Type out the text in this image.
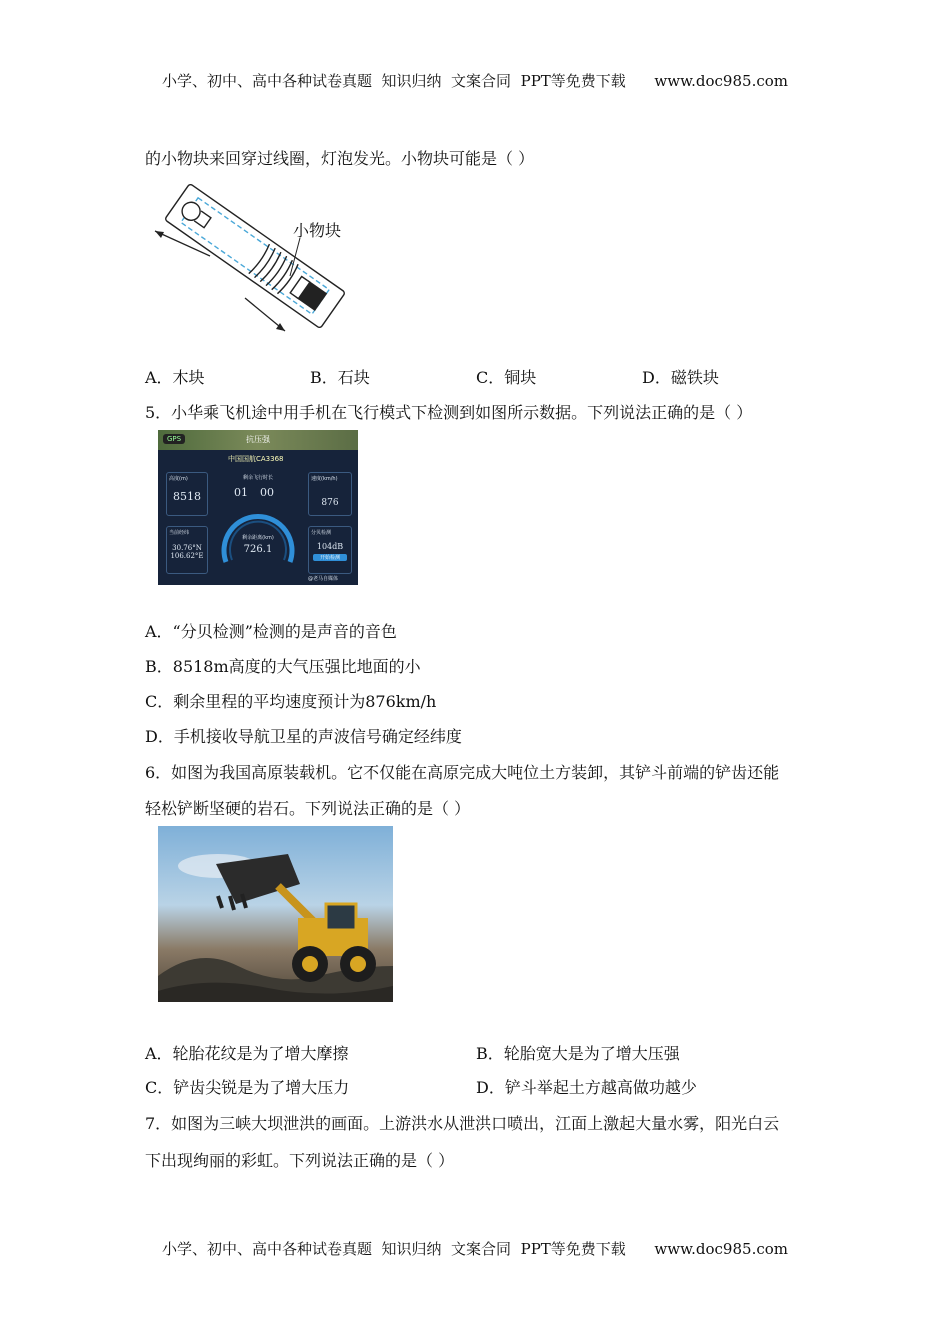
小学、初中、高中各种试卷真题  知识归纳  文案合同  PPT等免费下载      www.doc985.com
的小物块来回穿过线圈，灯泡发光。小物块可能是（ ）
小物块
A．木块	B．石块	C．铜块	D．磁铁块
5．小华乘飞机途中用手机在飞行模式下检测到如图所示数据。下列说法正确的是（ ）
GPS	抗压强
中国国航CA3368
高度(m)
8518
剩余飞行时长
01 00
剩余距离(km)
726.1
速度(km/h)
876
当前经纬
30.76°N
106.62°E
分贝检测
104dB
开始检测
@老马自媒体
A．“分贝检测”检测的是声音的音色
B．8518m高度的大气压强比地面的小
C．剩余里程的平均速度预计为876km/h
D．手机接收导航卫星的声波信号确定经纬度
6．如图为我国高原装载机。它不仅能在高原完成大吨位土方装卸，其铲斗前端的铲齿还能
轻松铲断坚硬的岩石。下列说法正确的是（ ）
A．轮胎花纹是为了增大摩擦	B．轮胎宽大是为了增大压强
C．铲齿尖锐是为了增大压力	D．铲斗举起土方越高做功越少
7．如图为三峡大坝泄洪的画面。上游洪水从泄洪口喷出，江面上激起大量水雾，阳光白云
下出现绚丽的彩虹。下列说法正确的是（ ）
小学、初中、高中各种试卷真题  知识归纳  文案合同  PPT等免费下载      www.doc985.com
